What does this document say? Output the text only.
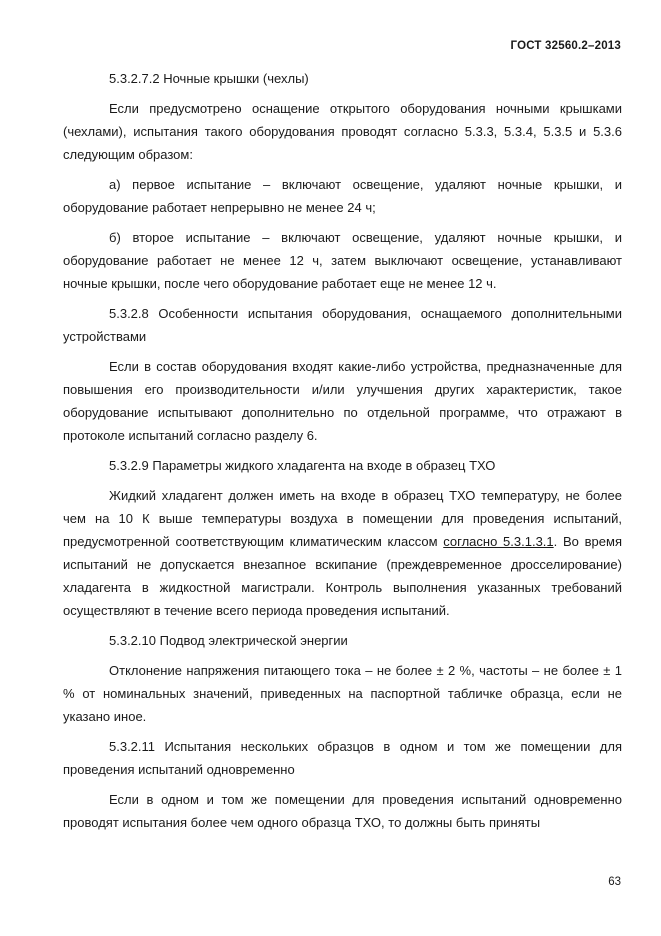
ГОСТ 32560.2–2013

5.3.2.7.2 Ночные крышки (чехлы)

Если предусмотрено оснащение открытого оборудования ночными крышками (чехлами), испытания такого оборудования проводят согласно 5.3.3, 5.3.4, 5.3.5 и 5.3.6 следующим образом:

а) первое испытание – включают освещение, удаляют ночные крышки, и оборудование работает непрерывно не менее 24 ч;

б) второе испытание – включают освещение, удаляют ночные крышки, и оборудование работает не менее 12 ч, затем выключают освещение, устанавливают ночные крышки, после чего оборудование работает еще не менее 12 ч.

5.3.2.8 Особенности испытания оборудования, оснащаемого дополнительными устройствами

Если в состав оборудования входят какие-либо устройства, предназначенные для повышения его производительности и/или улучшения других характеристик, такое оборудование испытывают дополнительно по отдельной программе, что отражают в протоколе испытаний согласно разделу 6.

5.3.2.9 Параметры жидкого хладагента на входе в образец ТХО

Жидкий хладагент должен иметь на входе в образец ТХО температуру, не более чем на 10 К выше температуры воздуха в помещении для проведения испытаний, предусмотренной соответствующим климатическим классом согласно 5.3.1.3.1. Во время испытаний не допускается внезапное вскипание (преждевременное дросселирование) хладагента в жидкостной магистрали. Контроль выполнения указанных требований осуществляют в течение всего периода проведения испытаний.

5.3.2.10 Подвод электрической энергии

Отклонение напряжения питающего тока – не более ± 2 %, частоты – не более ± 1 % от номинальных значений, приведенных на паспортной табличке образца, если не указано иное.

5.3.2.11 Испытания нескольких образцов в одном и том же помещении для проведения испытаний одновременно

Если в одном и том же помещении для проведения испытаний одновременно проводят испытания более чем одного образца ТХО, то должны быть приняты

63
